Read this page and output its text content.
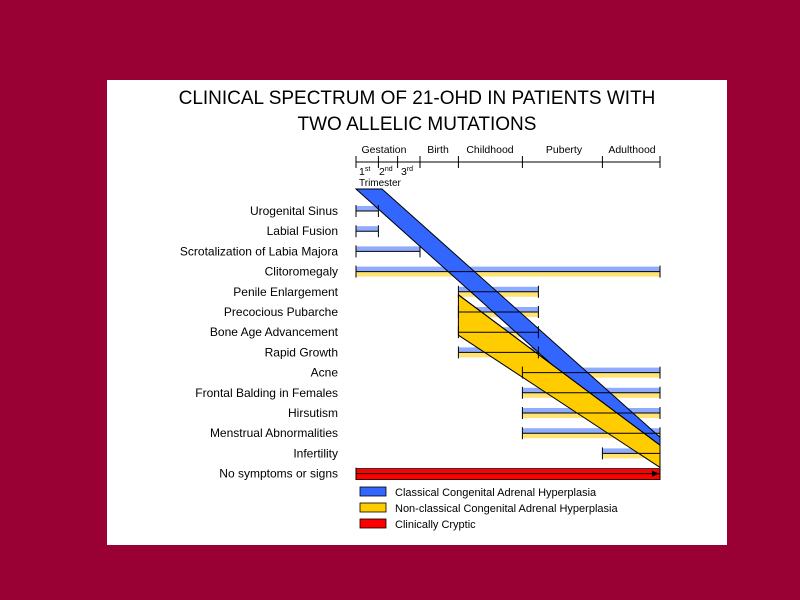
CLINICAL SPECTRUM OF 21-OHD IN PATIENTS WITH
TWO ALLELIC MUTATIONS
Gestation Birth Childhood	Puberty	Adulthood
1st 2nd 3rd
Trimester
Urogenital Sinus
Labial Fusion
Scrotalization of Labia Majora
Clitoromegaly
Penile Enlargement
Precocious Pubarche
Bone Age Advancement
Rapid Growth
Acne
Frontal Balding in Females
Hirsutism
Menstrual Abnormalities
Infertility
No symptoms or signs
Classical Congenital Adrenal Hyperplasia
Non-classical Congenital Adrenal Hyperplasia
Clinically Cryptic
